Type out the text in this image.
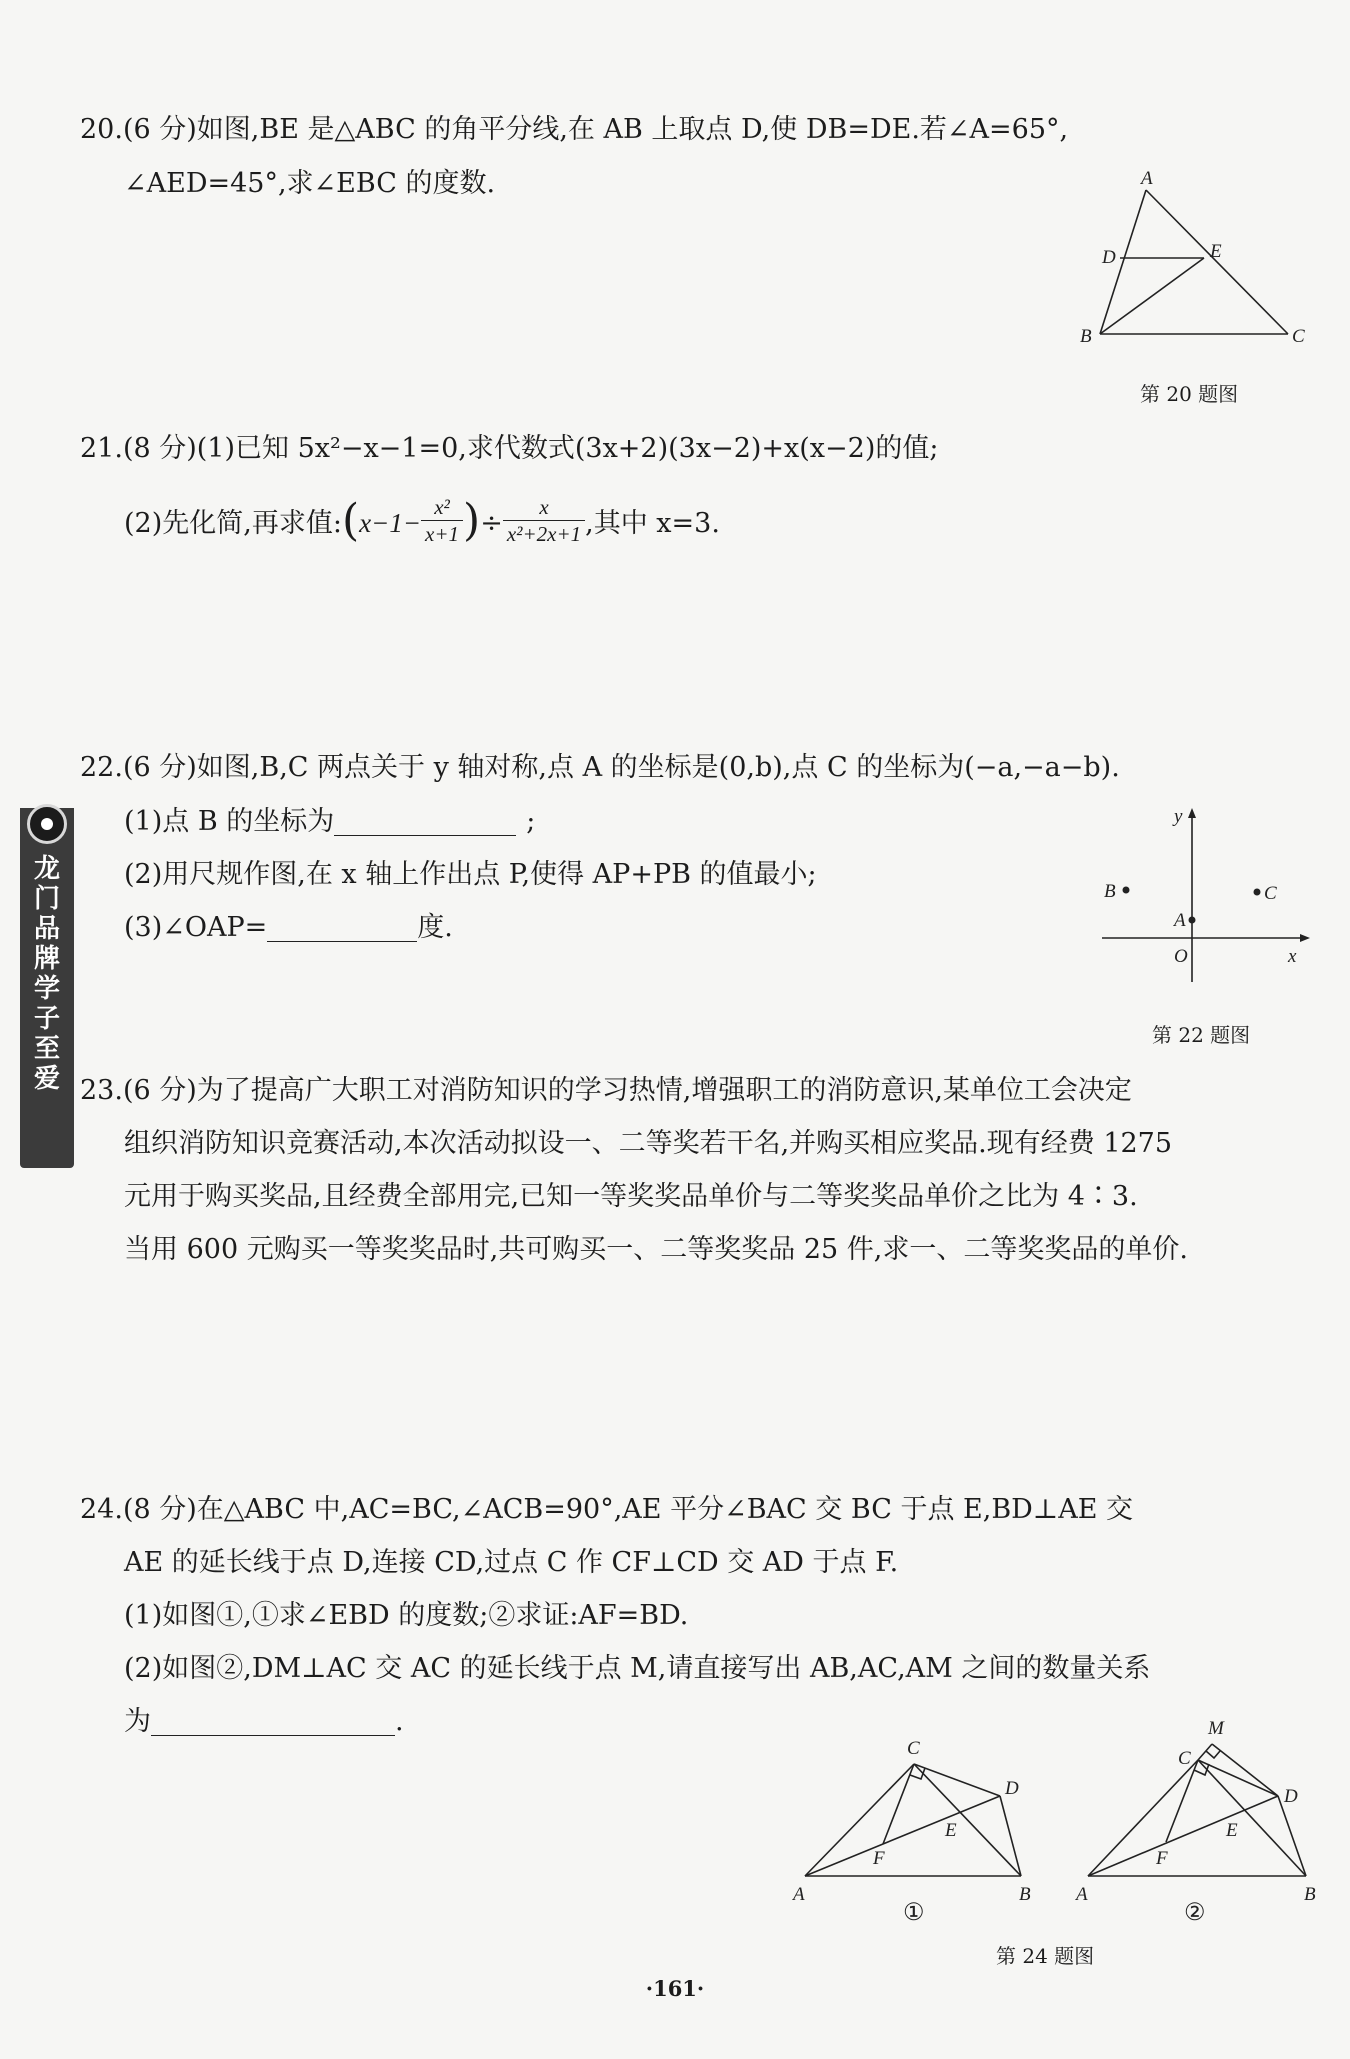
20.(6 分)如图,BE 是△ABC 的角平分线,在 AB 上取点 D,使 DB=DE.若∠A=65°,
∠AED=45°,求∠EBC 的度数.	A
B	C
D	E
第 20 题图
21.(8 分)(1)已知 5x²−x−1=0,求代数式(3x+2)(3x−2)+x(x−2)的值;
(2)先化简,再求值:(x−1− $\frac{\text{x²}}{x+1}$ )÷ $\frac{x}{\text{x²+2x+1}}$ ,其中 x=3.
22.(6 分)如图,B,C 两点关于 y 轴对称,点 A 的坐标是(0,b),点 C 的坐标为(−a,−a−b).
(1)点 B 的坐标为	;
(2)用尺规作图,在 x 轴上作出点 P,使得 AP+PB 的值最小;
(3)∠OAP=	度.
y
x
O
A
B	C
第 22 题图
23.(6 分)为了提高广大职工对消防知识的学习热情,增强职工的消防意识,某单位工会决定
组织消防知识竞赛活动,本次活动拟设一、二等奖若干名,并购买相应奖品.现有经费 1275
元用于购买奖品,且经费全部用完,已知一等奖奖品单价与二等奖奖品单价之比为 4∶3.
当用 600 元购买一等奖奖品时,共可购买一、二等奖奖品 25 件,求一、二等奖奖品的单价.
24.(8 分)在△ABC 中,AC=BC,∠ACB=90°,AE 平分∠BAC 交 BC 于点 E,BD⊥AE 交
AE 的延长线于点 D,连接 CD,过点 C 作 CF⊥CD 交 AD 于点 F.
(1)如图①,①求∠EBD 的度数;②求证:AF=BD.
(2)如图②,DM⊥AC 交 AC 的延长线于点 M,请直接写出 AB,AC,AM 之间的数量关系
为	.
C
D
E
F
A	B
①
M
C
D
E
F
A	B
②
第 24 题图
龙门品牌 学子至爱
·161·
